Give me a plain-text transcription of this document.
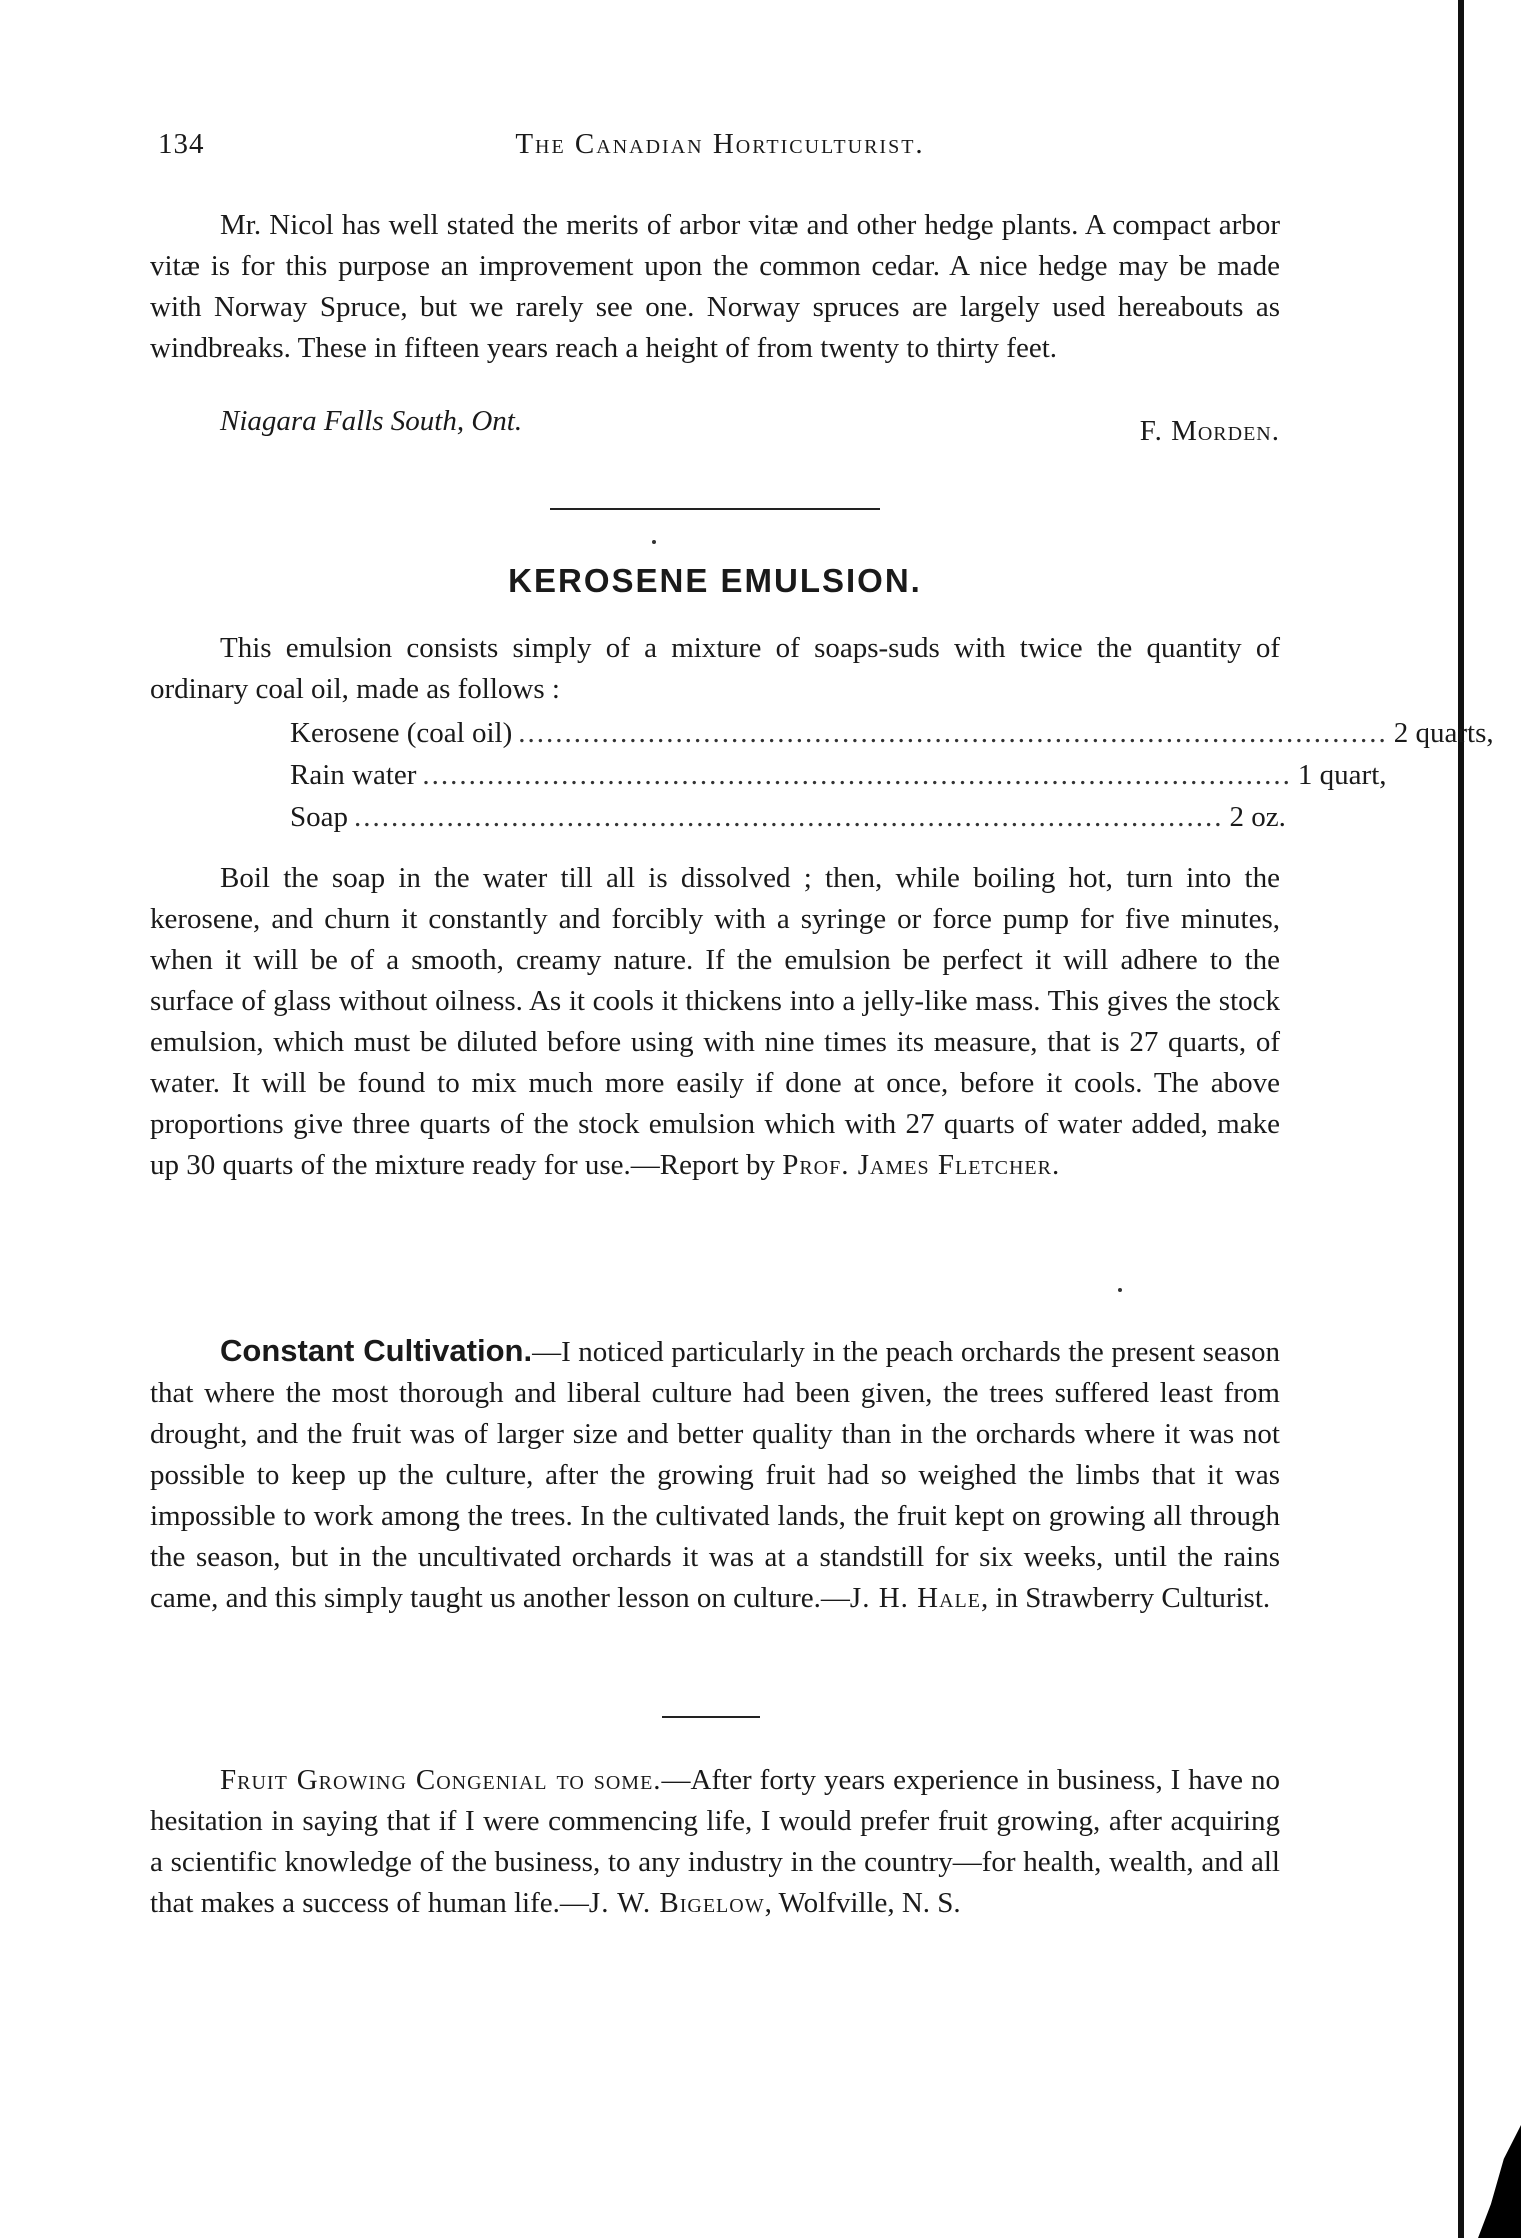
134	The Canadian Horticulturist.

Mr. Nicol has well stated the merits of arbor vitæ and other hedge plants. A compact arbor vitæ is for this purpose an improvement upon the common cedar. A nice hedge may be made with Norway Spruce, but we rarely see one. Norway spruces are largely used hereabouts as windbreaks. These in fifteen years reach a height of from twenty to thirty feet.

Niagara Falls South, Ont.	F. Morden.
KEROSENE EMULSION.

This emulsion consists simply of a mixture of soaps-suds with twice the quantity of ordinary coal oil, made as follows :

Kerosene (coal oil) .............................................................................................. 2 quarts,
Rain water .............................................................................................. 1 quart,
Soap .............................................................................................. 2 oz.

Boil the soap in the water till all is dissolved ; then, while boiling hot, turn into the kerosene, and churn it constantly and forcibly with a syringe or force pump for five minutes, when it will be of a smooth, creamy nature. If the emulsion be perfect it will adhere to the surface of glass without oilness. As it cools it thickens into a jelly-like mass. This gives the stock emulsion, which must be diluted before using with nine times its measure, that is 27 quarts, of water. It will be found to mix much more easily if done at once, before it cools. The above proportions give three quarts of the stock emulsion which with 27 quarts of water added, make up 30 quarts of the mixture ready for use.—Report by Prof. James Fletcher.

Constant Cultivation.—I noticed particularly in the peach orchards the present season that where the most thorough and liberal culture had been given, the trees suffered least from drought, and the fruit was of larger size and better quality than in the orchards where it was not possible to keep up the culture, after the growing fruit had so weighed the limbs that it was impossible to work among the trees. In the cultivated lands, the fruit kept on growing all through the season, but in the uncultivated orchards it was at a standstill for six weeks, until the rains came, and this simply taught us another lesson on culture.—J. H. Hale, in Strawberry Culturist.

Fruit Growing Congenial to some.—After forty years experience in business, I have no hesitation in saying that if I were commencing life, I would prefer fruit growing, after acquiring a scientific knowledge of the business, to any industry in the country—for health, wealth, and all that makes a success of human life.—J. W. Bigelow, Wolfville, N. S.
